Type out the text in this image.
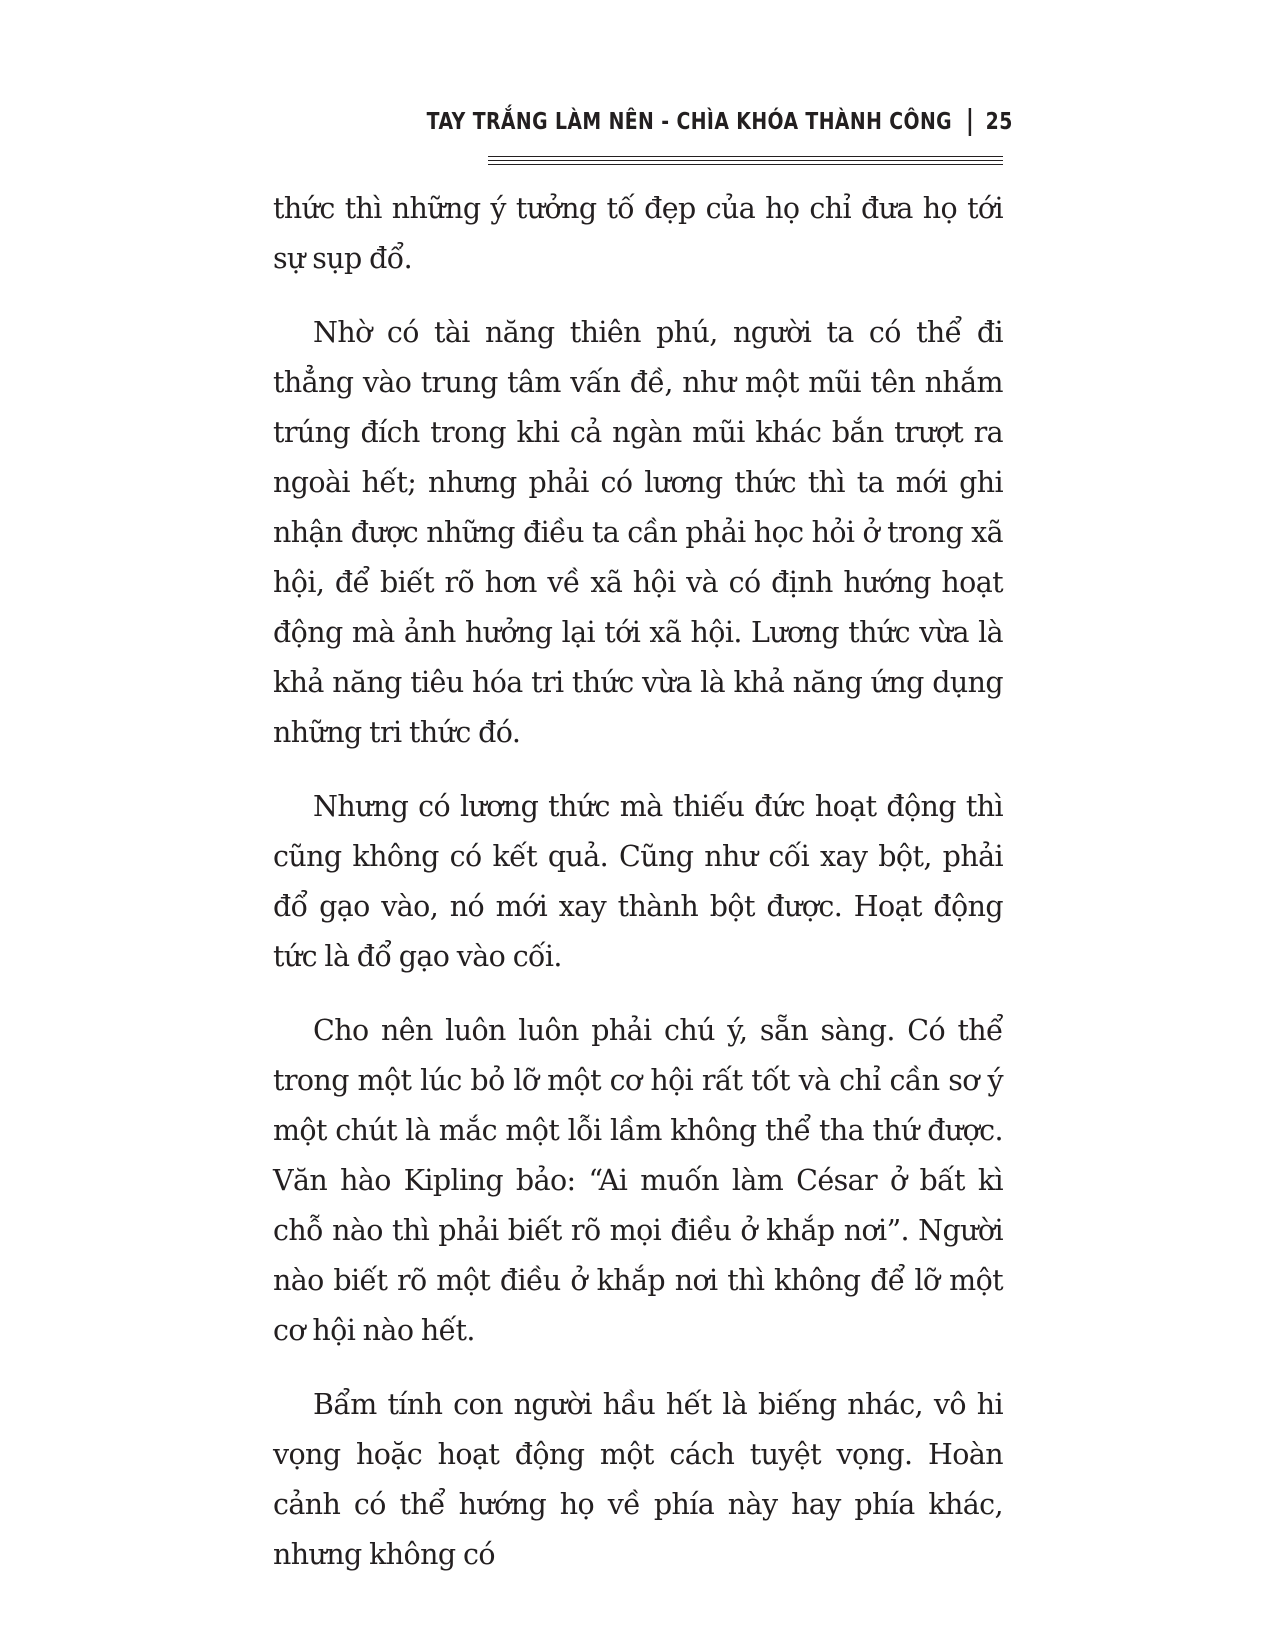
TAY TRẮNG LÀM NÊN - CHÌA KHÓA THÀNH CÔNG 25

thức thì những ý tưởng tố đẹp của họ chỉ đưa họ tới sự sụp đổ.

Nhờ có tài năng thiên phú, người ta có thể đi thẳng vào trung tâm vấn đề, như một mũi tên nhắm trúng đích trong khi cả ngàn mũi khác bắn trượt ra ngoài hết; nhưng phải có lương thức thì ta mới ghi nhận được những điều ta cần phải học hỏi ở trong xã hội, để biết rõ hơn về xã hội và có định hướng hoạt động mà ảnh hưởng lại tới xã hội. Lương thức vừa là khả năng tiêu hóa tri thức vừa là khả năng ứng dụng những tri thức đó.

Nhưng có lương thức mà thiếu đức hoạt động thì cũng không có kết quả. Cũng như cối xay bột, phải đổ gạo vào, nó mới xay thành bột được. Hoạt động tức là đổ gạo vào cối.

Cho nên luôn luôn phải chú ý, sẵn sàng. Có thể trong một lúc bỏ lỡ một cơ hội rất tốt và chỉ cần sơ ý một chút là mắc một lỗi lầm không thể tha thứ được. Văn hào Kipling bảo: “Ai muốn làm César ở bất kì chỗ nào thì phải biết rõ mọi điều ở khắp nơi”. Người nào biết rõ một điều ở khắp nơi thì không để lỡ một cơ hội nào hết.

Bẩm tính con người hầu hết là biếng nhác, vô hi vọng hoặc hoạt động một cách tuyệt vọng. Hoàn cảnh có thể hướng họ về phía này hay phía khác, nhưng không có
